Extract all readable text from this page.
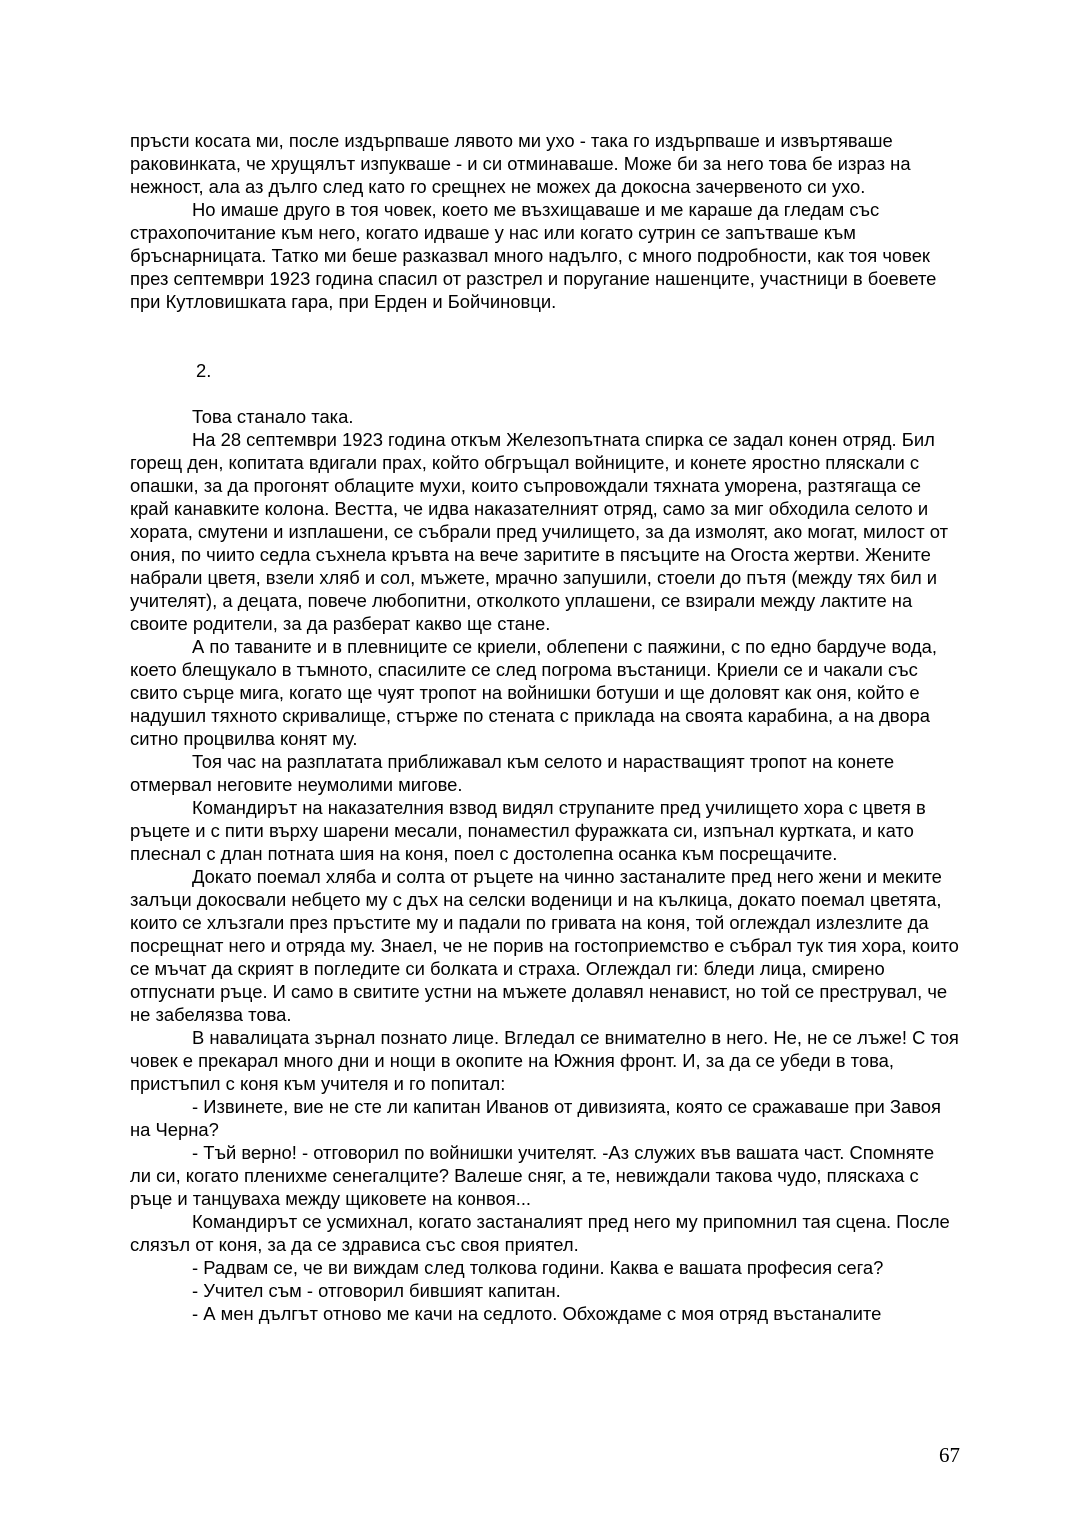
пръсти косата ми, после издърпваше лявото ми ухо - така го издърпваше и извъртяваше раковинката, че хрущялът изпукваше - и си отминаваше. Може би за него това бе израз на нежност, ала аз дълго след като го срещнех не можех да докосна зачервеното си ухо.

Но имаше друго в тоя човек, което ме възхищаваше и ме караше да гледам със страхопочитание към него, когато идваше у нас или когато сутрин се запътваше към бръснарницата. Татко ми беше разказвал много надълго, с много подробности, как тоя човек през септември 1923 година спасил от разстрел и поругание нашенците, участници в боевете при Кутловишката гара, при Ерден и Бойчиновци.

2.

Това станало така.

На 28 септември 1923 година откъм Железопътната спирка се задал конен отряд. Бил горещ ден, копитата вдигали прах, който обгръщал войниците, и конете яростно пляскали с опашки, за да прогонят облаците мухи, които съпровождали тяхната уморена, разтягаща се край канавките колона. Вестта, че идва наказателният отряд, само за миг обходила селото и хората, смутени и изплашени, се събрали пред училището, за да измолят, ако могат, милост от ония, по чиито седла съхнела кръвта на вече заритите в пясъците на Огоста жертви. Жените набрали цветя, взели хляб и сол, мъжете, мрачно запушили, стоели до пътя (между тях бил и учителят), а децата, повече любопитни, отколкото уплашени, се взирали между лактите на своите родители, за да разберат какво ще стане.

А по таваните и в плевниците се криели, облепени с паяжини, с по едно бардуче вода, което блещукало в тъмното, спасилите се след погрома въстаници. Криели се и чакали със свито сърце мига, когато ще чуят тропот на войнишки ботуши и ще доловят как оня, който е надушил тяхното скривалище, стърже по стената с приклада на своята карабина, а на двора ситно процвилва конят му.

Тоя час на разплатата приближавал към селото и нарастващият тропот на конете отмервал неговите неумолими мигове.

Командирът на наказателния взвод видял струпаните пред училището хора с цветя в ръцете и с пити върху шарени месали, понаместил фуражката си, изпънал куртката, и като плеснал с длан потната шия на коня, поел с достолепна осанка към посрещачите.

Докато поемал хляба и солта от ръцете на чинно застаналите пред него жени и меките залъци докосвали небцето му с дъх на селски воденици и на кълкица, докато поемал цветята, които се хлъзгали през пръстите му и падали по гривата на коня, той оглеждал излезлите да посрещнат него и отряда му. Знаел, че не порив на гостоприемство е събрал тук тия хора, които се мъчат да скрият в погледите си болката и страха. Оглеждал ги: бледи лица, смирено отпуснати ръце. И само в свитите устни на мъжете долавял ненавист, но той се преструвал, че не забелязва това.

В навалицата зърнал познато лице. Вгледал се внимателно в него. Не, не се лъже! С тоя човек е прекарал много дни и нощи в окопите на Южния фронт. И, за да се убеди в това, пристъпил с коня към учителя и го попитал:

- Извинете, вие не сте ли капитан Иванов от дивизията, която се сражаваше при Завоя на Черна?

- Тъй верно! - отговорил по войнишки учителят. -Аз служих във вашата част. Спомняте ли си, когато пленихме сенегалците? Валеше сняг, а те, невиждали такова чудо, пляскаха с ръце и танцуваха между щиковете на конвоя...

Командирът се усмихнал, когато застаналият пред него му припомнил тая сцена. После слязъл от коня, за да се здрависа със своя приятел.

- Радвам се, че ви виждам след толкова години. Каква е вашата професия сега?

- Учител съм - отговорил бившият капитан.

- А мен дългът отново ме качи на седлото. Обхождаме с моя отряд въстаналите

67
